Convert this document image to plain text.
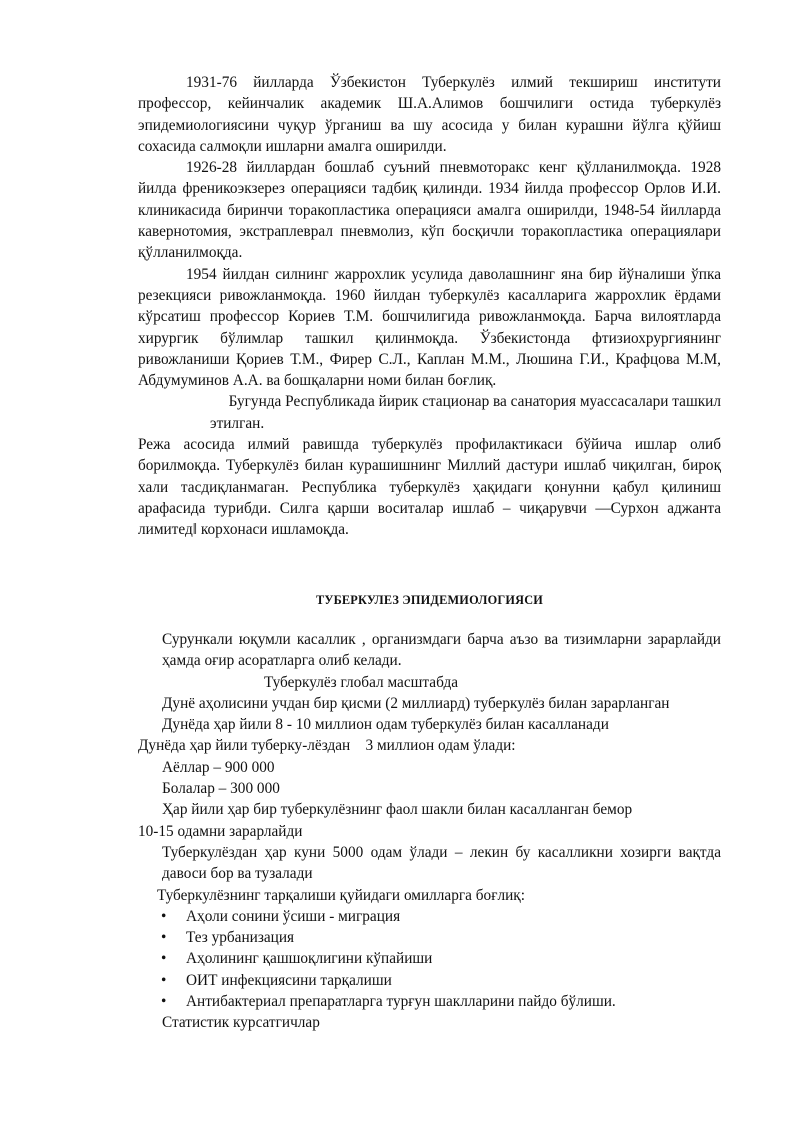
1931-76 йилларда Ўзбекистон Туберкулёз илмий текшириш институти профессор, кейинчалик академик Ш.А.Алимов бошчилиги остида туберкулёз эпидемиологиясини чуқур ўрганиш ва шу асосида у билан курашни йўлга қўйиш сохасида салмоқли ишларни амалга оширилди.

1926-28 йиллардан бошлаб суъний пневмоторакс кенг қўлланилмоқда. 1928 йилда френикоэкзерез операцияси тадбиқ қилинди. 1934 йилда профессор Орлов И.И. клиникасида биринчи торакопластика операцияси амалга оширилди, 1948-54 йилларда кавернотомия, экстраплеврал пневмолиз, кўп босқичли торакопластика операциялари қўлланилмоқда.

1954 йилдан силнинг жаррохлик усулида даволашнинг яна бир йўналиши ўпка резекцияси ривожланмоқда. 1960 йилдан туберкулёз касалларига жаррохлик ёрдами кўрсатиш профессор Кориев Т.М. бошчилигида ривожланмоқда. Барча вилоятларда хирургик бўлимлар ташкил қилинмоқда. Ўзбекистонда фтизиохрургиянинг ривожланиши Қориев Т.М., Фирер С.Л., Каплан М.М., Люшина Г.И., Крафцова М.М, Абдумуминов А.А. ва бошқаларни номи билан боғлиқ.

Бугунда Республикада йирик стационар ва санатория муассасалари ташкил этилган.

Режа асосида илмий равишда туберкулёз профилактикаси бўйича ишлар олиб борилмоқда. Туберкулёз билан курашишнинг Миллий дастури ишлаб чиқилган, бироқ хали тасдиқланмаган. Республика туберкулёз ҳақидаги қонунни қабул қилиниш арафасида турибди. Силга қарши воситалар ишлаб – чиқарувчи ―Сурхон аджанта лимитед‖ корхонаси ишламоқда.

ТУБЕРКУЛЕЗ ЭПИДЕМИОЛОГИЯСИ

Сурункали юқумли касаллик , организмдаги барча аъзо ва тизимларни зарарлайди ҳамда оғир асоратларга олиб келади.

Туберкулёз глобал масштабда

Дунё аҳолисини учдан бир қисми (2 миллиард) туберкулёз билан зарарланган

Дунёда ҳар йили 8 - 10 миллион одам туберкулёз билан касалланади

Дунёда ҳар йили туберку-лёздан    3 миллион одам ўлади:

Аёллар – 900 000

Болалар – 300 000

Ҳар йили ҳар бир туберкулёзнинг фаол шакли билан касалланган бемор

10-15 одамни зарарлайди

Туберкулёздан ҳар куни 5000 одам ўлади – лекин бу касалликни хозирги вақтда давоси бор ва тузалади

Туберкулёзнинг тарқалиши қуйидаги омилларга боғлиқ:

• Аҳоли сонини ўсиши - миграция
• Тез урбанизация
• Аҳолининг қашшоқлигини кўпайиши
• ОИТ инфекциясини тарқалиши
• Антибактериал препаратларга турғун шаклларини пайдо бўлиши.

Статистик курсатгичлар
